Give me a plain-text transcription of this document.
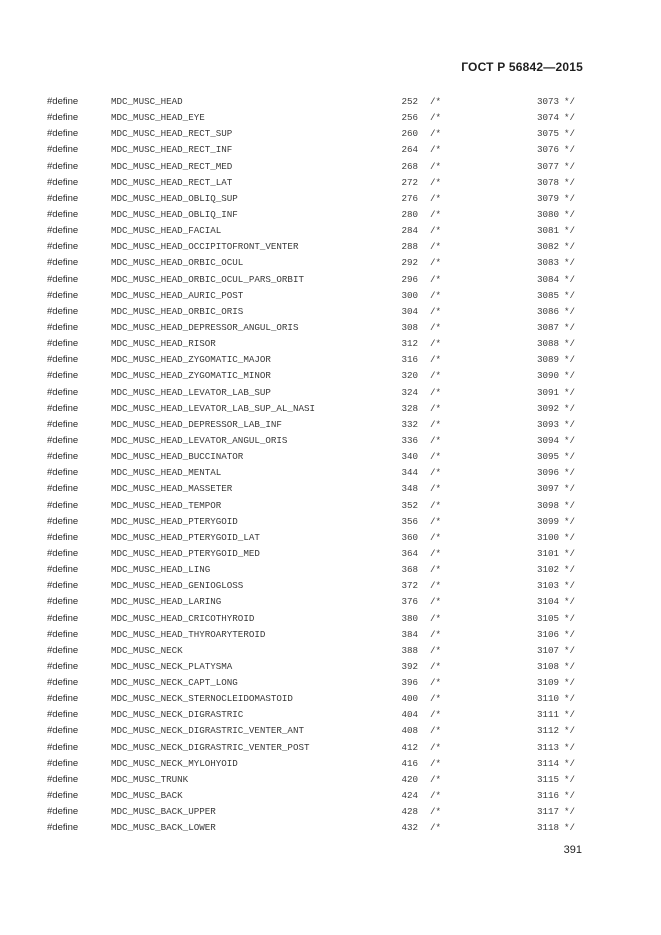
ГОСТ Р 56842—2015
#define	MDC_MUSC_HEAD	252 /*	3073 */
#define	MDC_MUSC_HEAD_EYE	256 /*	3074 */
#define	MDC_MUSC_HEAD_RECT_SUP	260 /*	3075 */
#define	MDC_MUSC_HEAD_RECT_INF	264 /*	3076 */
#define	MDC_MUSC_HEAD_RECT_MED	268 /*	3077 */
#define	MDC_MUSC_HEAD_RECT_LAT	272 /*	3078 */
#define	MDC_MUSC_HEAD_OBLIQ_SUP	276 /*	3079 */
#define	MDC_MUSC_HEAD_OBLIQ_INF	280 /*	3080 */
#define	MDC_MUSC_HEAD_FACIAL	284 /*	3081 */
#define	MDC_MUSC_HEAD_OCCIPITOFRONT_VENTER	288 /*	3082 */
#define	MDC_MUSC_HEAD_ORBIC_OCUL	292 /*	3083 */
#define	MDC_MUSC_HEAD_ORBIC_OCUL_PARS_ORBIT	296 /*	3084 */
#define	MDC_MUSC_HEAD_AURIC_POST	300 /*	3085 */
#define	MDC_MUSC_HEAD_ORBIC_ORIS	304 /*	3086 */
#define	MDC_MUSC_HEAD_DEPRESSOR_ANGUL_ORIS	308 /*	3087 */
#define	MDC_MUSC_HEAD_RISOR	312 /*	3088 */
#define	MDC_MUSC_HEAD_ZYGOMATIC_MAJOR	316 /*	3089 */
#define	MDC_MUSC_HEAD_ZYGOMATIC_MINOR	320 /*	3090 */
#define	MDC_MUSC_HEAD_LEVATOR_LAB_SUP	324 /*	3091 */
#define	MDC_MUSC_HEAD_LEVATOR_LAB_SUP_AL_NASI	328 /*	3092 */
#define	MDC_MUSC_HEAD_DEPRESSOR_LAB_INF	332 /*	3093 */
#define	MDC_MUSC_HEAD_LEVATOR_ANGUL_ORIS	336 /*	3094 */
#define	MDC_MUSC_HEAD_BUCCINATOR	340 /*	3095 */
#define	MDC_MUSC_HEAD_MENTAL	344 /*	3096 */
#define	MDC_MUSC_HEAD_MASSETER	348 /*	3097 */
#define	MDC_MUSC_HEAD_TEMPOR	352 /*	3098 */
#define	MDC_MUSC_HEAD_PTERYGOID	356 /*	3099 */
#define	MDC_MUSC_HEAD_PTERYGOID_LAT	360 /*	3100 */
#define	MDC_MUSC_HEAD_PTERYGOID_MED	364 /*	3101 */
#define	MDC_MUSC_HEAD_LING	368 /*	3102 */
#define	MDC_MUSC_HEAD_GENIOGLOSS	372 /*	3103 */
#define	MDC_MUSC_HEAD_LARING	376 /*	3104 */
#define	MDC_MUSC_HEAD_CRICOTHYROID	380 /*	3105 */
#define	MDC_MUSC_HEAD_THYROARYTEROID	384 /*	3106 */
#define	MDC_MUSC_NECK	388 /*	3107 */
#define	MDC_MUSC_NECK_PLATYSMA	392 /*	3108 */
#define	MDC_MUSC_NECK_CAPT_LONG	396 /*	3109 */
#define	MDC_MUSC_NECK_STERNOCLEIDOMASTOID	400 /*	3110 */
#define	MDC_MUSC_NECK_DIGRASTRIC	404 /*	3111 */
#define	MDC_MUSC_NECK_DIGRASTRIC_VENTER_ANT	408 /*	3112 */
#define	MDC_MUSC_NECK_DIGRASTRIC_VENTER_POST	412 /*	3113 */
#define	MDC_MUSC_NECK_MYLOHYOID	416 /*	3114 */
#define	MDC_MUSC_TRUNK	420 /*	3115 */
#define	MDC_MUSC_BACK	424 /*	3116 */
#define	MDC_MUSC_BACK_UPPER	428 /*	3117 */
#define	MDC_MUSC_BACK_LOWER	432 /*	3118 */
391
